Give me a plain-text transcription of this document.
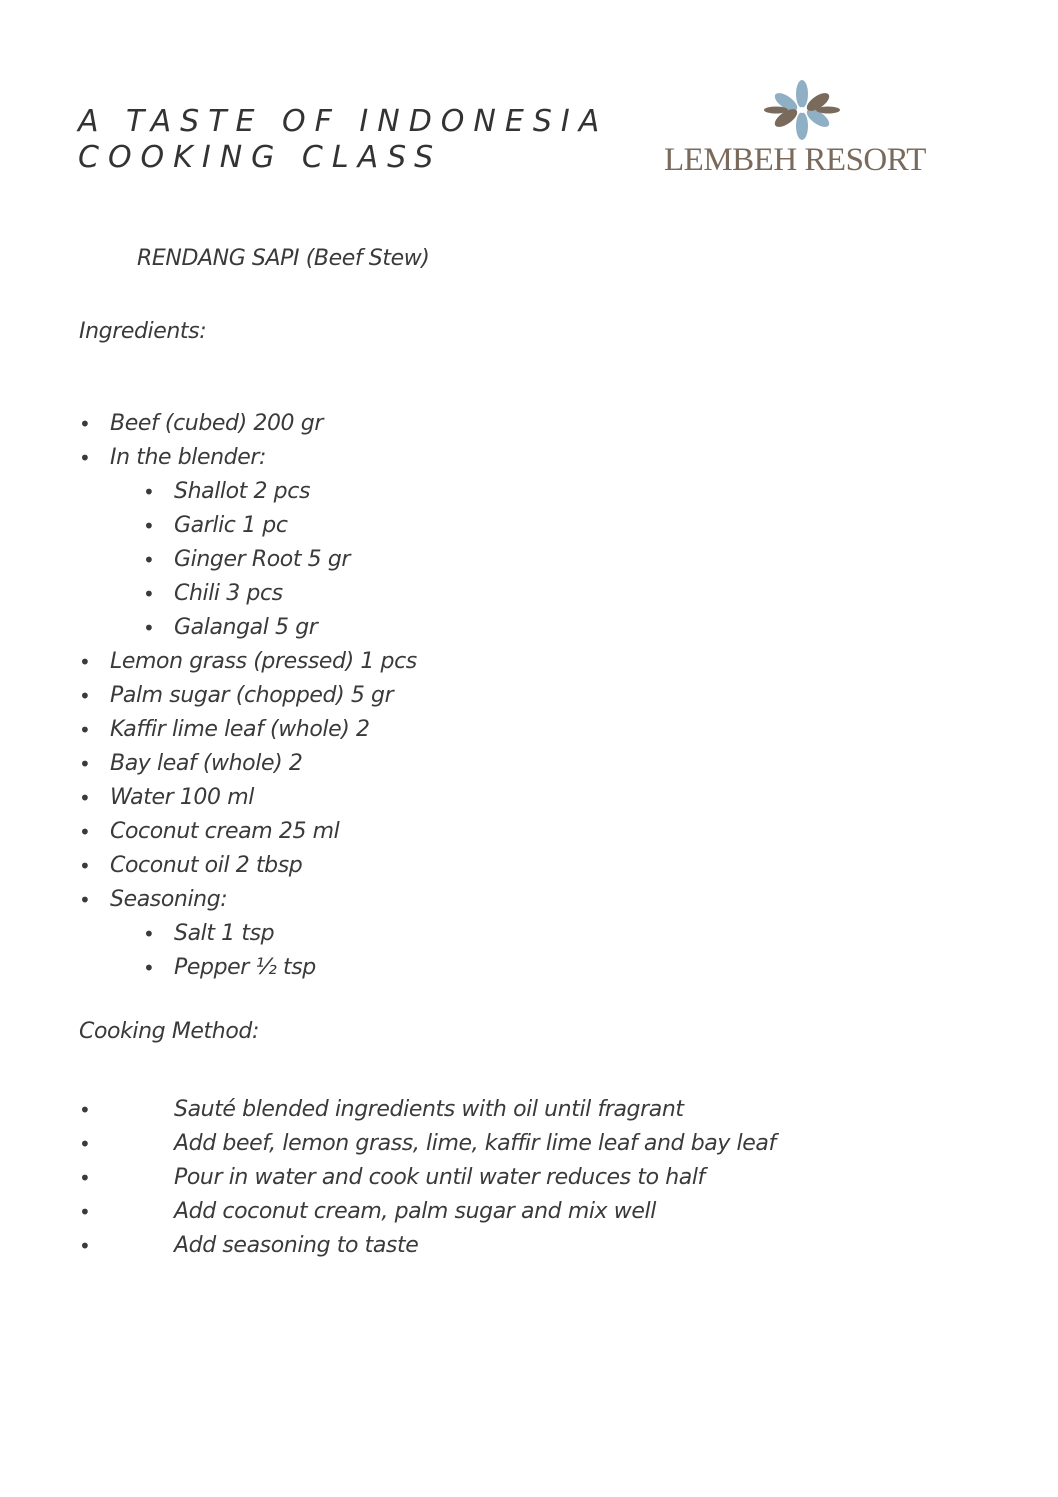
A TASTE OF INDONESIA
COOKING CLASS	LEMBEH RESORT
RENDANG SAPI (Beef Stew)
Ingredients:
• Beef (cubed) 200 gr
• In the blender:
• Shallot 2 pcs
• Garlic 1 pc
• Ginger Root 5 gr
• Chili 3 pcs
• Galangal 5 gr
• Lemon grass (pressed) 1 pcs
• Palm sugar (chopped) 5 gr
• Kaffir lime leaf (whole) 2
• Bay leaf (whole) 2
• Water 100 ml
• Coconut cream 25 ml
• Coconut oil 2 tbsp
• Seasoning:
• Salt 1 tsp
• Pepper ½ tsp
Cooking Method:
•	Sauté blended ingredients with oil until fragrant
•	Add beef, lemon grass, lime, kaffir lime leaf and bay leaf
•	Pour in water and cook until water reduces to half
•	Add coconut cream, palm sugar and mix well
•	Add seasoning to taste
